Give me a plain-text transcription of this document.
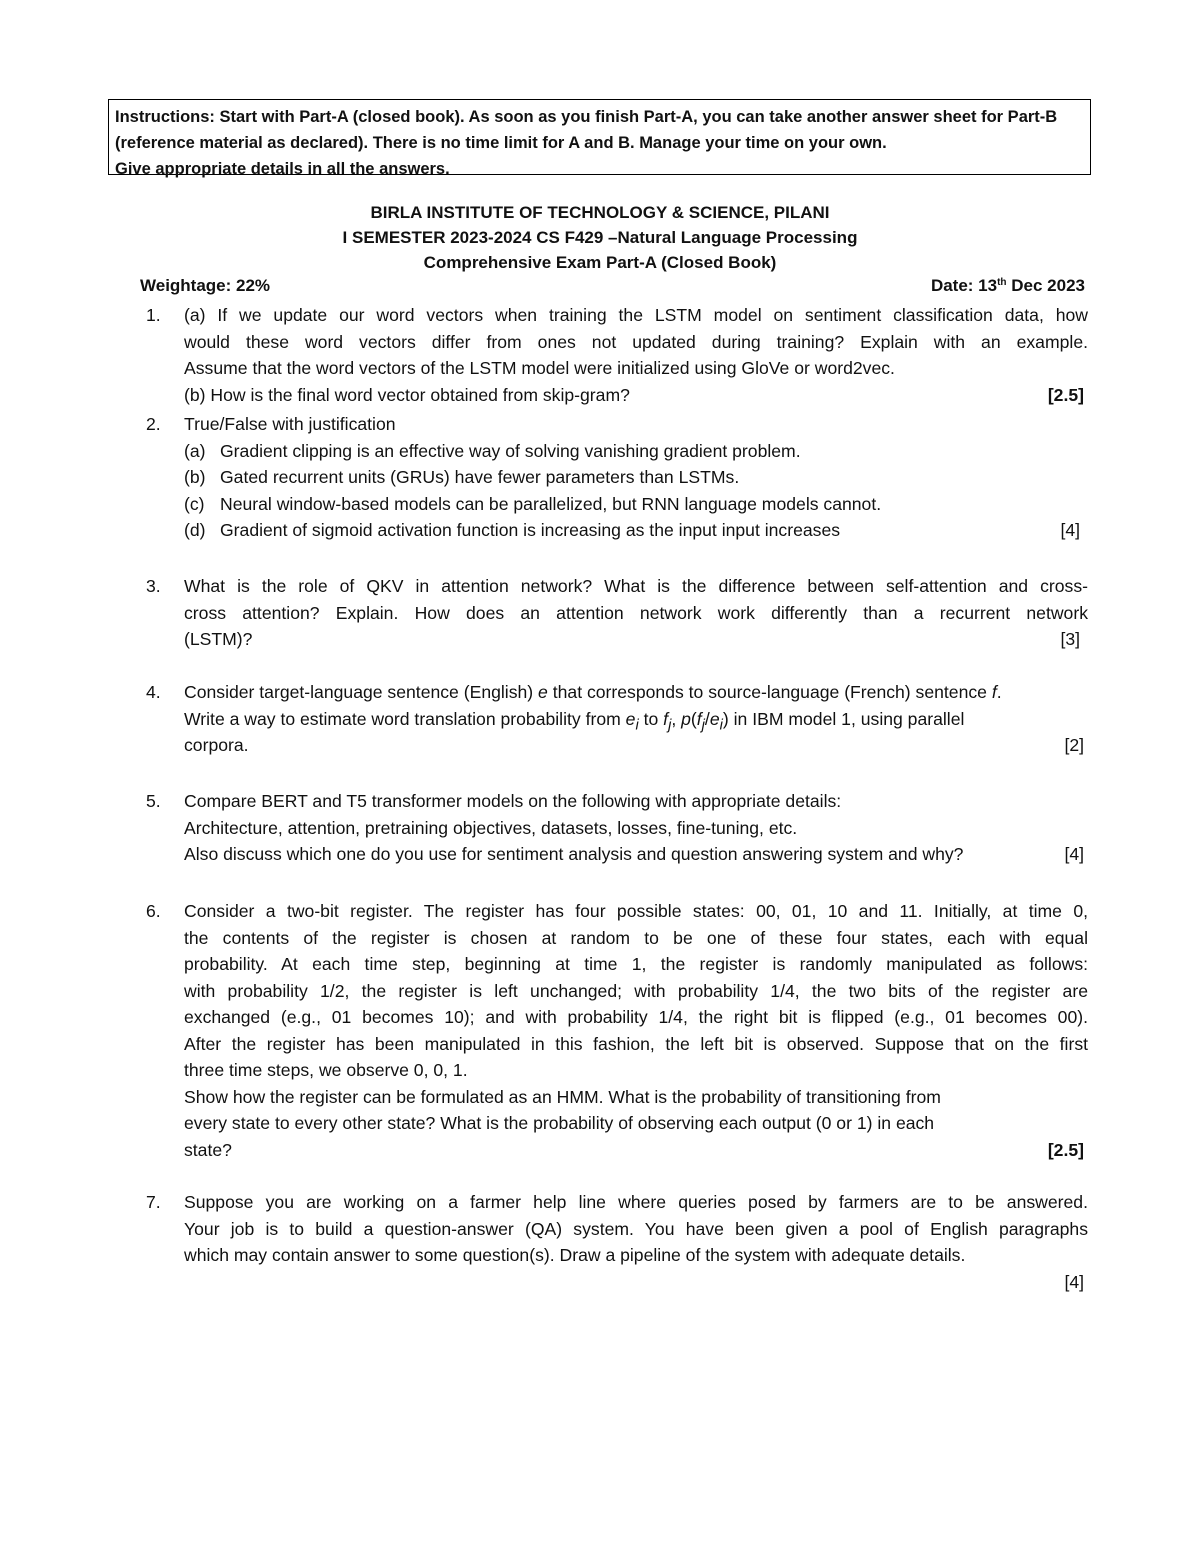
Instructions: Start with Part-A (closed book). As soon as you finish Part-A, you can take another answer sheet for Part-B
(reference material as declared). There is no time limit for A and B. Manage your time on your own.
Give appropriate details in all the answers.
BIRLA INSTITUTE OF TECHNOLOGY & SCIENCE, PILANI
I SEMESTER 2023-2024 CS F429 –Natural Language Processing
Comprehensive Exam Part-A (Closed Book)
Weightage: 22%	Date: 13th Dec 2023
1.	(a) If we update our word vectors when training the LSTM model on sentiment classification data, how
would these word vectors differ from ones not updated during training? Explain with an example.
Assume that the word vectors of the LSTM model were initialized using GloVe or word2vec.
(b) How is the final word vector obtained from skip-gram?	[2.5]
2.	True/False with justification
(a) Gradient clipping is an effective way of solving vanishing gradient problem.
(b) Gated recurrent units (GRUs) have fewer parameters than LSTMs.
(c) Neural window-based models can be parallelized, but RNN language models cannot.
(d) Gradient of sigmoid activation function is increasing as the input input increases	[4]
3.	What is the role of QKV in attention network? What is the difference between self-attention and cross-
cross attention? Explain. How does an attention network work differently than a recurrent network
(LSTM)?	[3]
4.	Consider target-language sentence (English) e that corresponds to source-language (French) sentence f.
Write a way to estimate word translation probability from $e_i$ to $f_j$, $p(f_j/e_i)$ in IBM model 1, using parallel
corpora.	[2]
5.	Compare BERT and T5 transformer models on the following with appropriate details:
Architecture, attention, pretraining objectives, datasets, losses, fine-tuning, etc.
Also discuss which one do you use for sentiment analysis and question answering system and why?	[4]
6.	Consider a two-bit register. The register has four possible states: 00, 01, 10 and 11. Initially, at time 0,
the contents of the register is chosen at random to be one of these four states, each with equal
probability. At each time step, beginning at time 1, the register is randomly manipulated as follows:
with probability 1/2, the register is left unchanged; with probability 1/4, the two bits of the register are
exchanged (e.g., 01 becomes 10); and with probability 1/4, the right bit is flipped (e.g., 01 becomes 00).
After the register has been manipulated in this fashion, the left bit is observed. Suppose that on the first
three time steps, we observe 0, 0, 1.
Show how the register can be formulated as an HMM. What is the probability of transitioning from
every state to every other state? What is the probability of observing each output (0 or 1) in each
state?	[2.5]
7.	Suppose you are working on a farmer help line where queries posed by farmers are to be answered.
Your job is to build a question-answer (QA) system. You have been given a pool of English paragraphs
which may contain answer to some question(s). Draw a pipeline of the system with adequate details.
[4]
